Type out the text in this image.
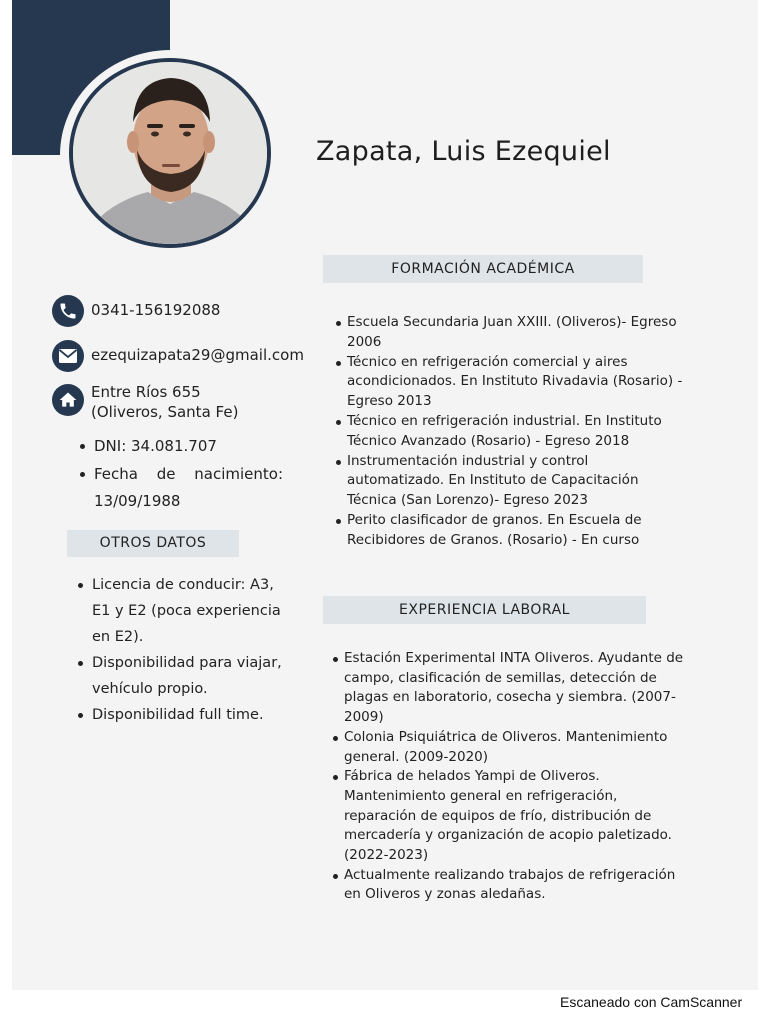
Zapata, Luis Ezequiel
0341-156192088
ezequizapata29@gmail.com
Entre Ríos 655
(Oliveros, Santa Fe)
DNI: 34.081.707
Fecha de nacimiento: 13/09/1988
OTROS DATOS
Licencia de conducir: A3, E1 y E2 (poca experiencia en E2).
Disponibilidad para viajar, vehículo propio.
Disponibilidad full time.
FORMACIÓN ACADÉMICA
Escuela Secundaria Juan XXIII. (Oliveros)- Egreso 2006
Técnico en refrigeración comercial y aires acondicionados. En Instituto Rivadavia (Rosario) - Egreso 2013
Técnico en refrigeración industrial. En Instituto Técnico Avanzado (Rosario) - Egreso 2018
Instrumentación industrial y control automatizado. En Instituto de Capacitación Técnica (San Lorenzo)- Egreso 2023
Perito clasificador de granos. En Escuela de Recibidores de Granos. (Rosario) - En curso
EXPERIENCIA LABORAL
Estación Experimental INTA Oliveros. Ayudante de campo, clasificación de semillas, detección de plagas en laboratorio, cosecha y siembra. (2007-2009)
Colonia Psiquiátrica de Oliveros. Mantenimiento general. (2009-2020)
Fábrica de helados Yampi de Oliveros. Mantenimiento general en refrigeración, reparación de equipos de frío, distribución de mercadería y organización de acopio paletizado. (2022-2023)
Actualmente realizando trabajos de refrigeración en Oliveros y zonas aledañas.
Escaneado con CamScanner
